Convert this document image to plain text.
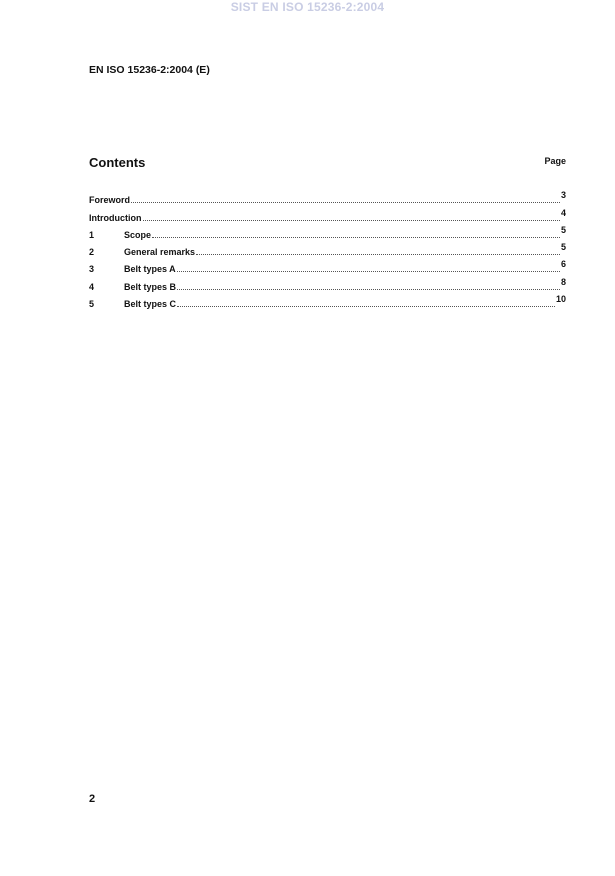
SIST EN ISO 15236-2:2004
EN ISO 15236-2:2004 (E)
Contents	Page
Foreword	3
Introduction	4
1	Scope	5
2	General remarks	5
3	Belt types A	6
4	Belt types B	8
5	Belt types C	10
2
